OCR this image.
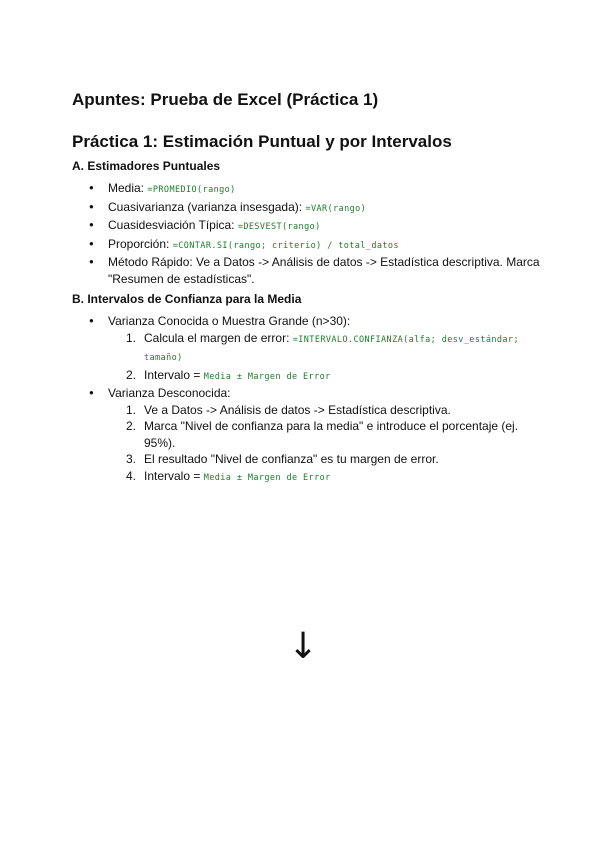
Apuntes: Prueba de Excel (Práctica 1)
Práctica 1: Estimación Puntual y por Intervalos
A. Estimadores Puntuales
● Media: =PROMEDIO(rango)
● Cuasivarianza (varianza insesgada): =VAR(rango)
● Cuasidesviación Típica: =DESVEST(rango)
● Proporción: =CONTAR.SI(rango; criterio) / total_datos
● Método Rápido: Ve a Datos -> Análisis de datos -> Estadística descriptiva. Marca "Resumen de estadísticas".
B. Intervalos de Confianza para la Media
● Varianza Conocida o Muestra Grande (n>30):
1. Calcula el margen de error: =INTERVALO.CONFIANZA(alfa; desv_estándar; tamaño)
2. Intervalo = Media ± Margen de Error
● Varianza Desconocida:
1. Ve a Datos -> Análisis de datos -> Estadística descriptiva.
2. Marca "Nivel de confianza para la media" e introduce el porcentaje (ej. 95%).
3. El resultado "Nivel de confianza" es tu margen de error.
4. Intervalo = Media ± Margen de Error
↓
